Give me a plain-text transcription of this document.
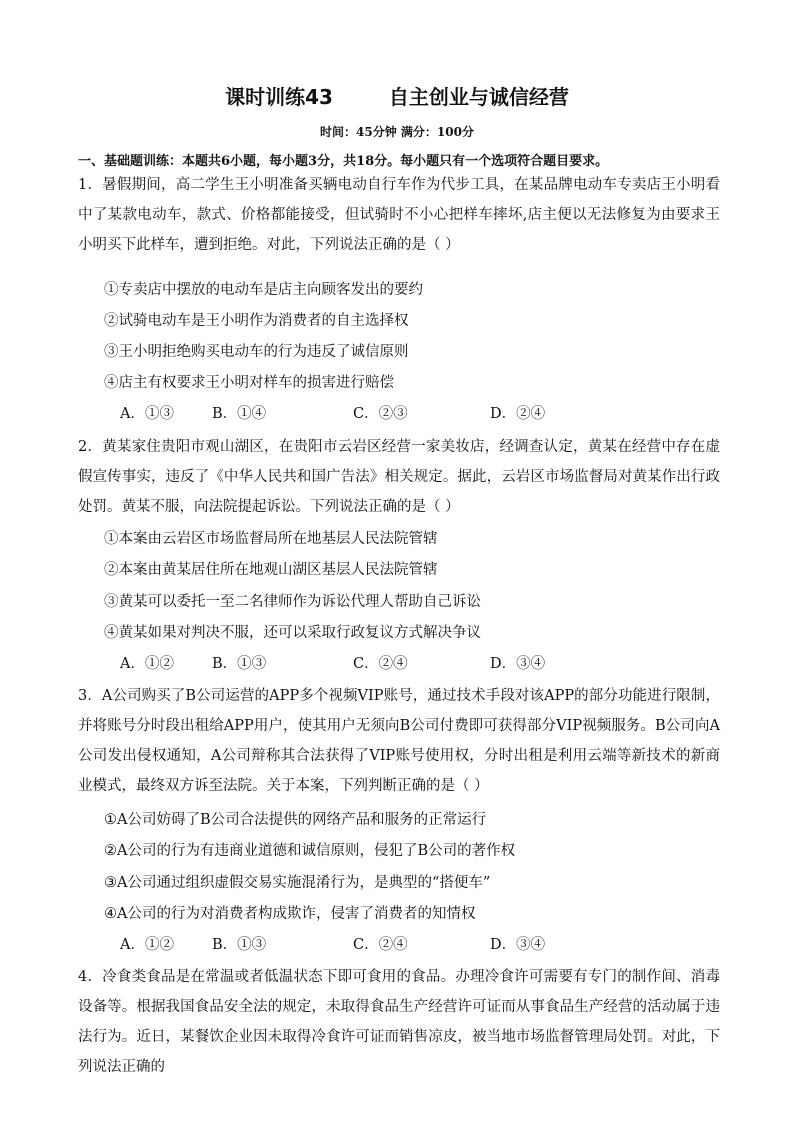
课时训练43	自主创业与诚信经营
时间：45分钟 满分：100分
一、基础题训练：本题共6小题，每小题3分，共18分。每小题只有一个选项符合题目要求。
1．暑假期间，高二学生王小明准备买辆电动自行车作为代步工具，在某品牌电动车专卖店王小明看中了某款电动车，款式、价格都能接受，但试骑时不小心把样车摔坏,店主便以无法修复为由要求王小明买下此样车，遭到拒绝。对此，下列说法正确的是（ ）
①专卖店中摆放的电动车是店主向顾客发出的要约
②试骑电动车是王小明作为消费者的自主选择权
③王小明拒绝购买电动车的行为违反了诚信原则
④店主有权要求王小明对样车的损害进行赔偿
A．①③	B．①④	C．②③	D．②④
2．黄某家住贵阳市观山湖区，在贵阳市云岩区经营一家美妆店，经调查认定，黄某在经营中存在虚假宣传事实，违反了《中华人民共和国广告法》相关规定。据此，云岩区市场监督局对黄某作出行政处罚。黄某不服，向法院提起诉讼。下列说法正确的是（ ）
①本案由云岩区市场监督局所在地基层人民法院管辖
②本案由黄某居住所在地观山湖区基层人民法院管辖
③黄某可以委托一至二名律师作为诉讼代理人帮助自己诉讼
④黄某如果对判决不服，还可以采取行政复议方式解决争议
A．①②	B．①③	C．②④	D．③④
3．A公司购买了B公司运营的APP多个视频VIP账号，通过技术手段对该APP的部分功能进行限制，并将账号分时段出租给APP用户，使其用户无须向B公司付费即可获得部分VIP视频服务。B公司向A公司发出侵权通知，A公司辩称其合法获得了VIP账号使用权，分时出租是利用云端等新技术的新商业模式，最终双方诉至法院。关于本案，下列判断正确的是（ ）
①A公司妨碍了B公司合法提供的网络产品和服务的正常运行
②A公司的行为有违商业道德和诚信原则，侵犯了B公司的著作权
③A公司通过组织虚假交易实施混淆行为，是典型的“搭便车”
④A公司的行为对消费者构成欺诈，侵害了消费者的知情权
A．①②	B．①③	C．②④	D．③④
4．冷食类食品是在常温或者低温状态下即可食用的食品。办理冷食许可需要有专门的制作间、消毒设备等。根据我国食品安全法的规定，未取得食品生产经营许可证而从事食品生产经营的活动属于违法行为。近日，某餐饮企业因未取得冷食许可证而销售凉皮，被当地市场监督管理局处罚。对此，下列说法正确的
